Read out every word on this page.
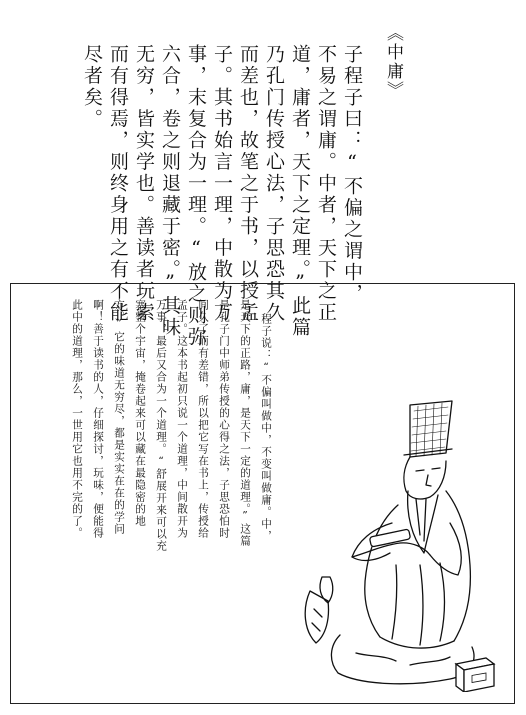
《中庸》
子程子曰：“不偏之谓中，
不易之谓庸。中者，天下之正
道，庸者，天下之定理。”此篇
乃孔门传授心法，子思恐其久
而差也，故笔之于书，以授孟
子。其书始言一理，中散为万
事，末复合为一理。“放之则弥
六合，卷之则退藏于密。”其味
无穷，皆实学也。善读者玩索
而有得焉，则终身用之有不能
尽者矣。
程子说：“不偏叫做中，不变叫做庸。中，
是天下的正路，庸，是天下一定的道理。”这篇
是孔子门中师弟传授的心得之法，子思恐怕时
间久了而有差错，所以把它写在书上，传授给
孟子。这本书起初只说一个道理，中间散开为
万事，最后又合为一个道理。“舒展开来可以充
塞整个宇宙，掩卷起来可以藏在最隐密的地
方。”它的味道无穷尽，都是实实在在的学问
啊！善于读书的人，仔细探讨，玩味，便能得
此中的道理，那么，一世用它也用不完的了。
